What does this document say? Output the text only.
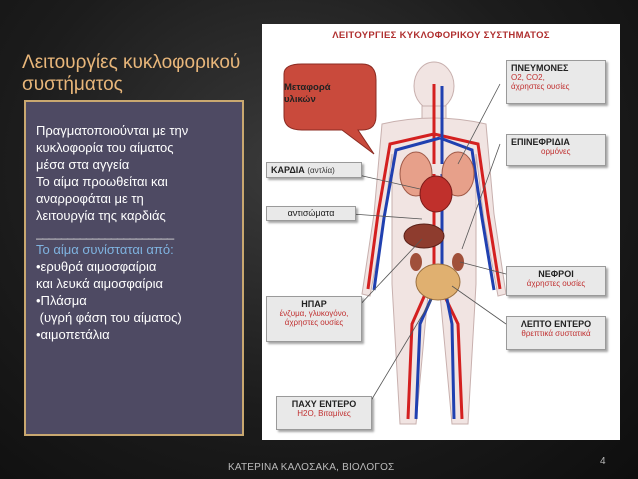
Λειτουργίες κυκλοφορικού συστήματος

Πραγματοποιούνται με την

κυκλοφορία του αίματος

μέσα στα αγγεία

Το αίμα προωθείται και

αναρροφάται με τη

λειτουργία της καρδιάς

______________________

Το αίμα συνίσταται από:

•ερυθρά αιμοσφαίρια

και λευκά αιμοσφαίρια

•Πλάσμα

(υγρή φάση του αίματος)

•αιμοπετάλια

ΛΕΙΤΟΥΡΓΙΕΣ ΚΥΚΛΟΦΟΡΙΚΟΥ ΣΥΣΤΗΜΑΤΟΣ
Μεταφορά υλικών
ΠΝΕΥΜΟΝΕΣ
O2, CO2,
άχρηστες ουσίες
ΕΠΙΝΕΦΡΙΔΙΑ
ορμόνες
ΚΑΡΔΙΑ (αντλία)
αντισώματα
ΝΕΦΡΟΙ
άχρηστες ουσίες
ΗΠΑΡ
ένζυμα, γλυκογόνο,
άχρηστες ουσίες	ΛΕΠΤΟ ΕΝΤΕΡΟ
θρεπτικά συστατικά
ΠΑΧΥ ΕΝΤΕΡΟ
H2O, Βιταμίνες
ΚΑΤΕΡΙΝΑ ΚΑΛΟΣΑΚΑ, ΒΙΟΛΟΓΟΣ
4
